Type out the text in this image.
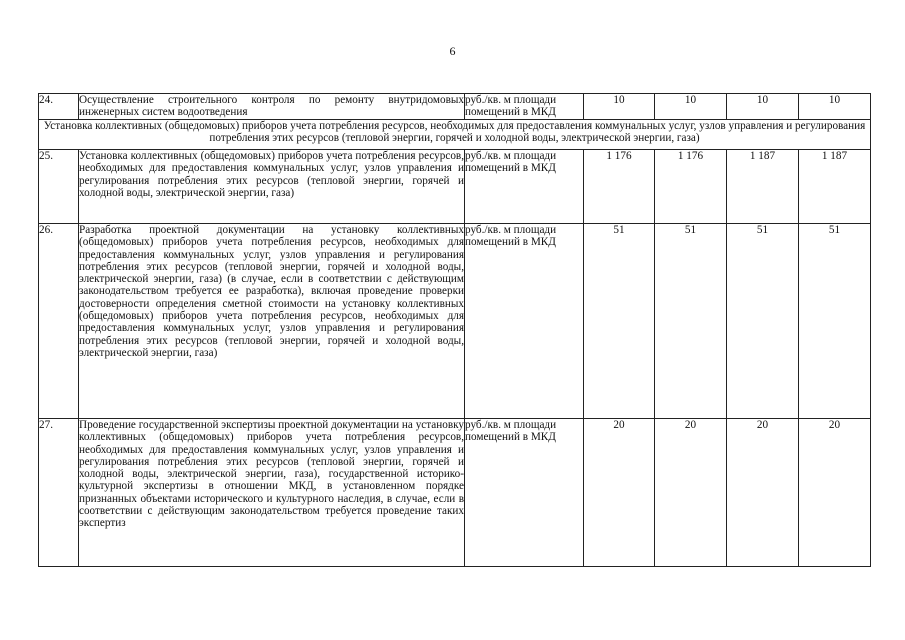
6
24.	Осуществление строительного контроля по ремонту внутридомовых инженерных систем водоотведения	руб./кв. м площади
помещений в МКД	10	10	10	10
Установка коллективных (общедомовых) приборов учета потребления ресурсов, необходимых для предоставления коммунальных услуг, узлов управления и регулирования потребления этих ресурсов (тепловой энергии, горячей и холодной воды, электрической энергии, газа)						
25.	Установка коллективных (общедомовых) приборов учета потребления ресурсов, необходимых для предоставления коммунальных услуг, узлов управления и регулирования потребления этих ресурсов (тепловой энергии, горячей и холодной воды, электрической энергии, газа)	руб./кв. м площади
помещений в МКД	1 176	1 176	1 187	1 187
26.	Разработка проектной документации на установку коллективных (общедомовых) приборов учета потребления ресурсов, необходимых для предоставления коммунальных услуг, узлов управления и регулирования потребления этих ресурсов (тепловой энергии, горячей и холодной воды, электрической энергии, газа) (в случае, если в соответствии с действующим законодательством требуется ее разработка), включая проведение проверки достоверности определения сметной стоимости на установку коллективных (общедомовых) приборов учета потребления ресурсов, необходимых для предоставления коммунальных услуг, узлов управления и регулирования потребления этих ресурсов (тепловой энергии, горячей и холодной воды, электрической энергии, газа)	руб./кв. м площади
помещений в МКД	51	51	51	51
27.	Проведение государственной экспертизы проектной документации на установку коллективных (общедомовых) приборов учета потребления ресурсов, необходимых для предоставления коммунальных услуг, узлов управления и регулирования потребления этих ресурсов (тепловой энергии, горячей и холодной воды, электрической энергии, газа), государственной историко-культурной экспертизы в отношении МКД, в установленном порядке признанных объектами исторического и культурного наследия, в случае, если в соответствии с действующим законодательством требуется проведение таких экспертиз	руб./кв. м площади
помещений в МКД	20	20	20	20
